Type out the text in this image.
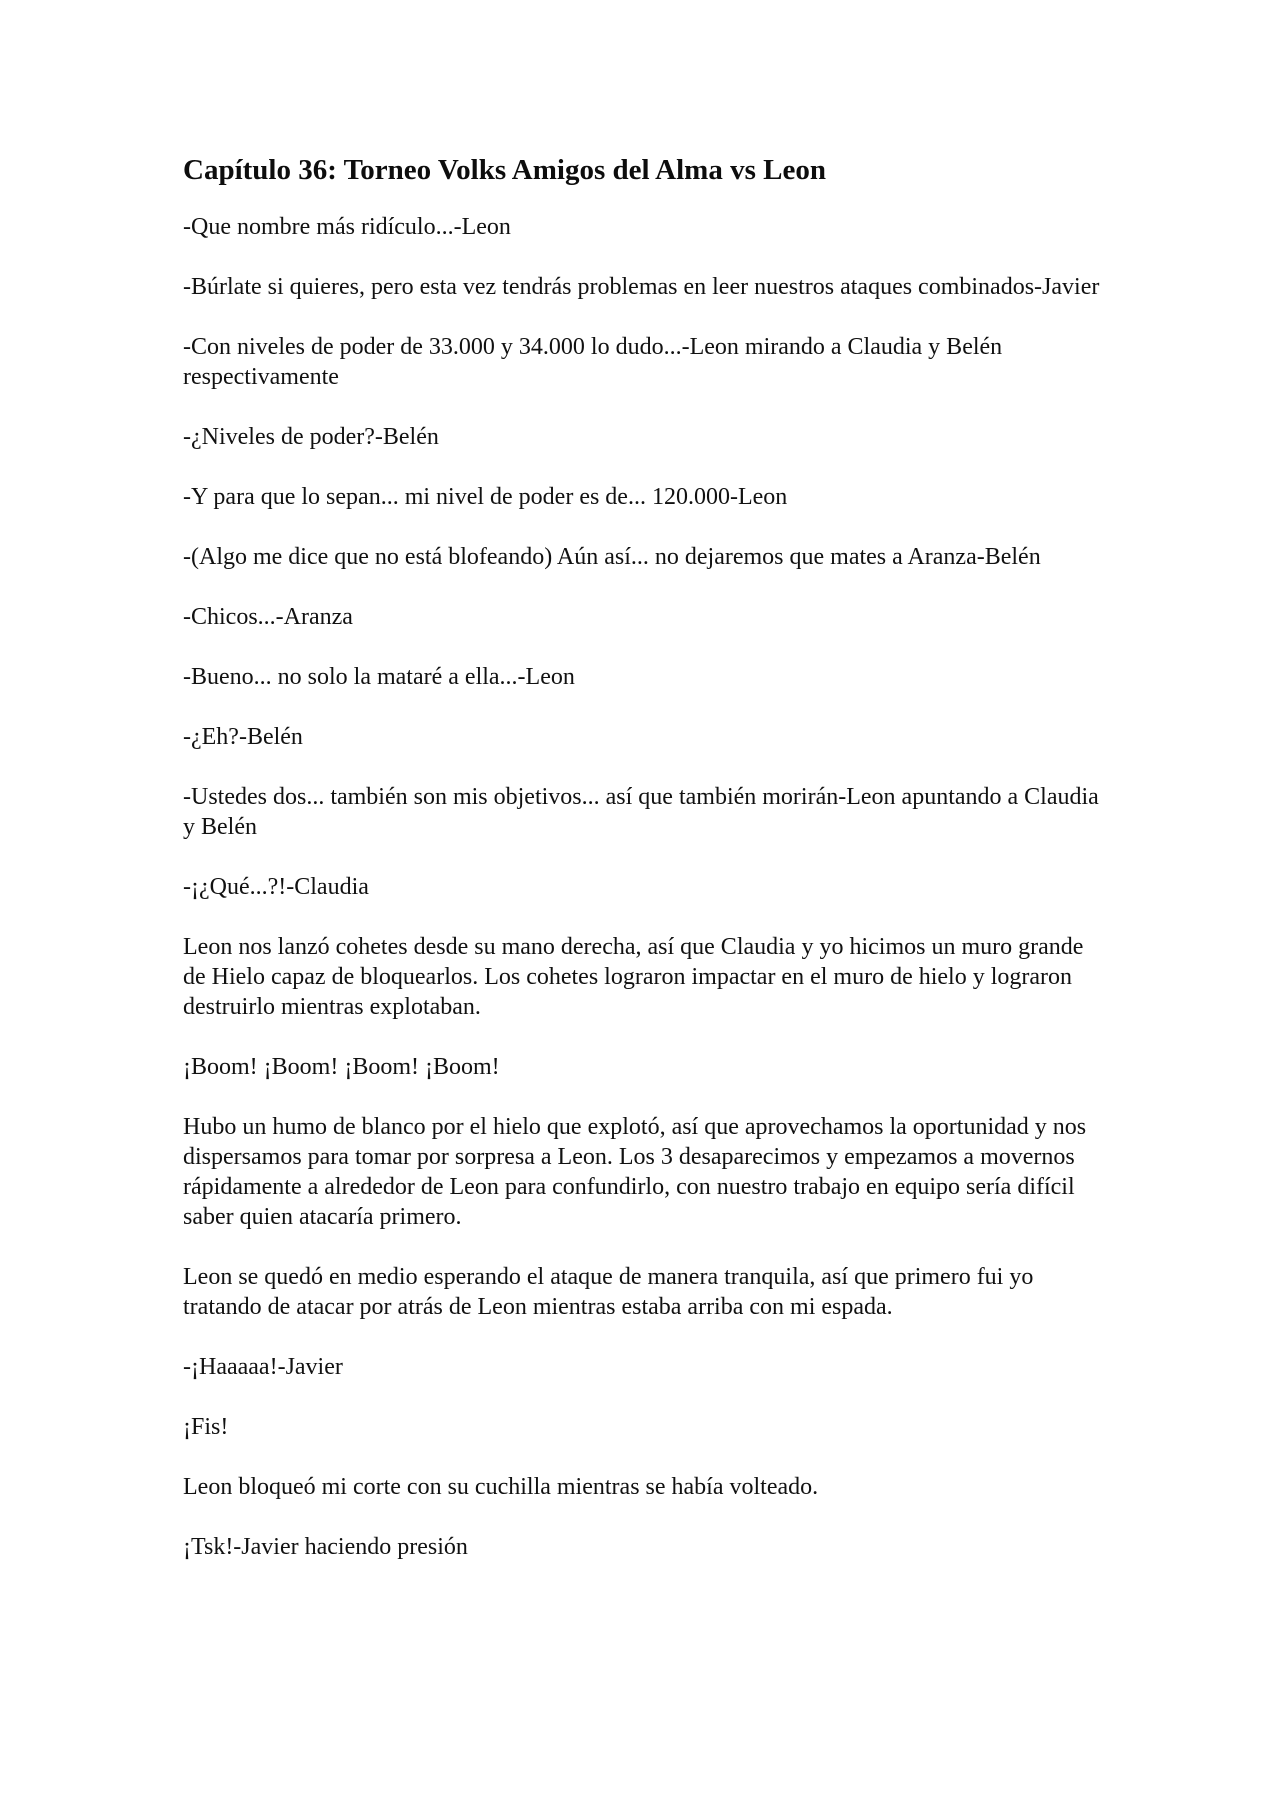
Capítulo 36: Torneo Volks Amigos del Alma vs Leon

-Que nombre más ridículo...-Leon

-Búrlate si quieres, pero esta vez tendrás problemas en leer nuestros ataques combinados-Javier

-Con niveles de poder de 33.000 y 34.000 lo dudo...-Leon mirando a Claudia y Belén respectivamente

-¿Niveles de poder?-Belén

-Y para que lo sepan... mi nivel de poder es de... 120.000-Leon

-(Algo me dice que no está blofeando) Aún así... no dejaremos que mates a Aranza-Belén

-Chicos...-Aranza

-Bueno... no solo la mataré a ella...-Leon

-¿Eh?-Belén

-Ustedes dos... también son mis objetivos... así que también morirán-Leon apuntando a Claudia y Belén

-¡¿Qué...?!-Claudia

Leon nos lanzó cohetes desde su mano derecha, así que Claudia y yo hicimos un muro grande de Hielo capaz de bloquearlos. Los cohetes lograron impactar en el muro de hielo y lograron destruirlo mientras explotaban.

¡Boom! ¡Boom! ¡Boom! ¡Boom!

Hubo un humo de blanco por el hielo que explotó, así que aprovechamos la oportunidad y nos dispersamos para tomar por sorpresa a Leon. Los 3 desaparecimos y empezamos a movernos rápidamente a alrededor de Leon para confundirlo, con nuestro trabajo en equipo sería difícil saber quien atacaría primero.

Leon se quedó en medio esperando el ataque de manera tranquila, así que primero fui yo tratando de atacar por atrás de Leon mientras estaba arriba con mi espada.

-¡Haaaaa!-Javier

¡Fis!

Leon bloqueó mi corte con su cuchilla mientras se había volteado.

¡Tsk!-Javier haciendo presión
